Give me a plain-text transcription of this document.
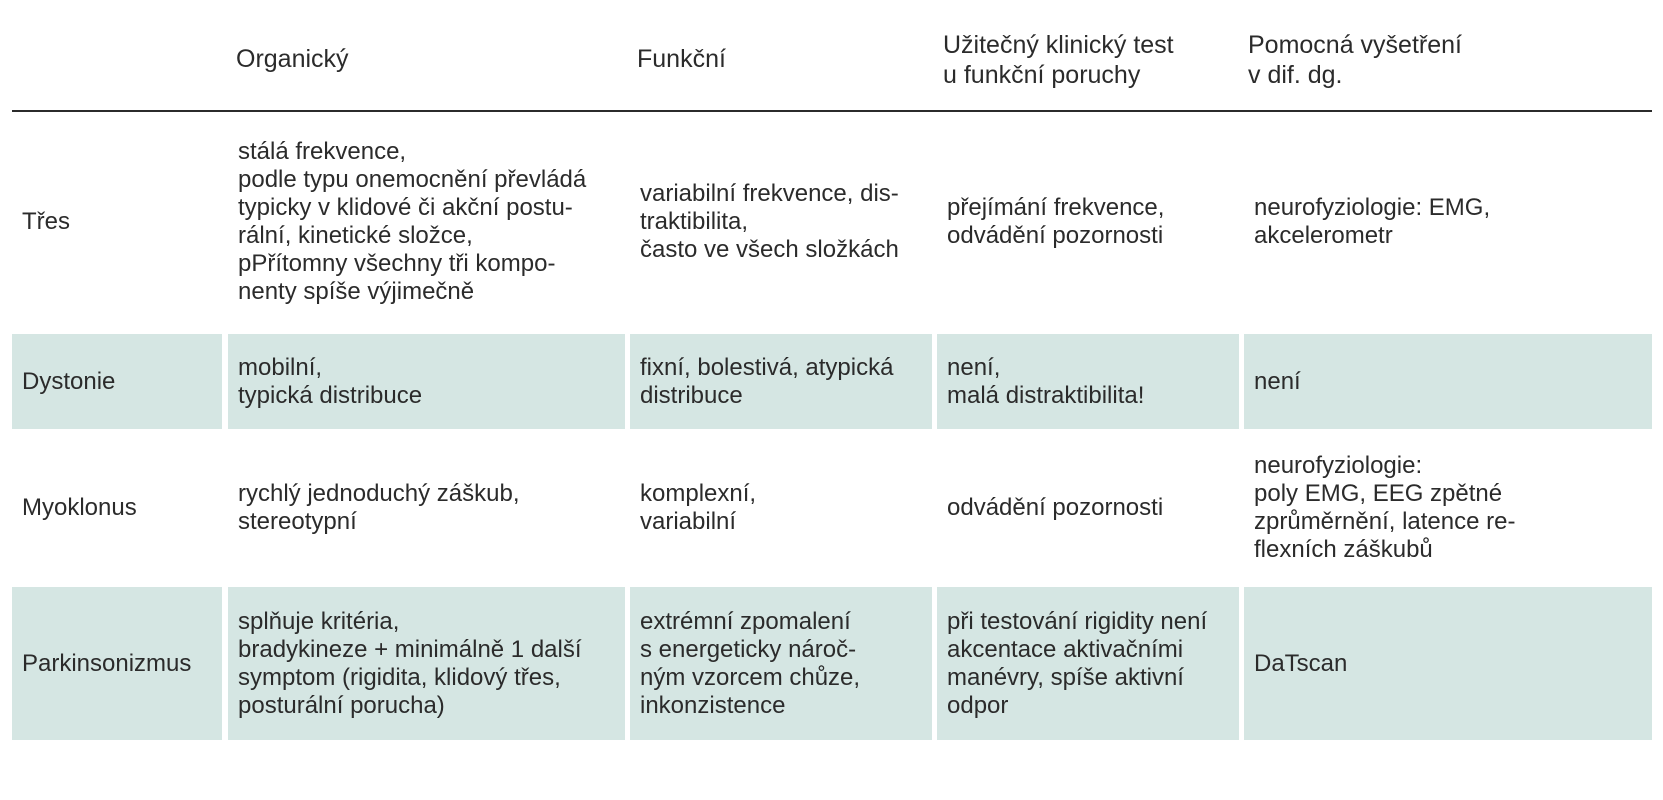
Organický	Funkční	Užitečný klinický test
u funkční poruchy
Pomocná vyšetření
v dif. dg.
Třes
stálá frekvence,
podle typu onemocnění převládá
typicky v klidové či akční postu-
rální, kinetické složce,
pPřítomny všechny tři kompo-
nenty spíše výjimečně
variabilní frekvence, dis-
traktibilita,
často ve všech složkách
přejímání frekvence,
odvádění pozornosti
neurofyziologie: EMG,
akcelerometr
Dystonie
mobilní,
typická distribuce
fixní, bolestivá, atypická
distribuce
není,
malá distraktibilita!
není
Myoklonus
rychlý jednoduchý záškub,
stereotypní
komplexní,
variabilní
odvádění pozornosti
neurofyziologie:
poly EMG, EEG zpětné
zprůměrnění, latence re-
flexních záškubů
Parkinsonizmus
splňuje kritéria,
bradykineze + minimálně 1 další
symptom (rigidita, klidový třes,
posturální porucha)
extrémní zpomalení
s energeticky nároč-
ným vzorcem chůze,
inkonzistence
při testování rigidity není
akcentace aktivačními
manévry, spíše aktivní
odpor
DaTscan
